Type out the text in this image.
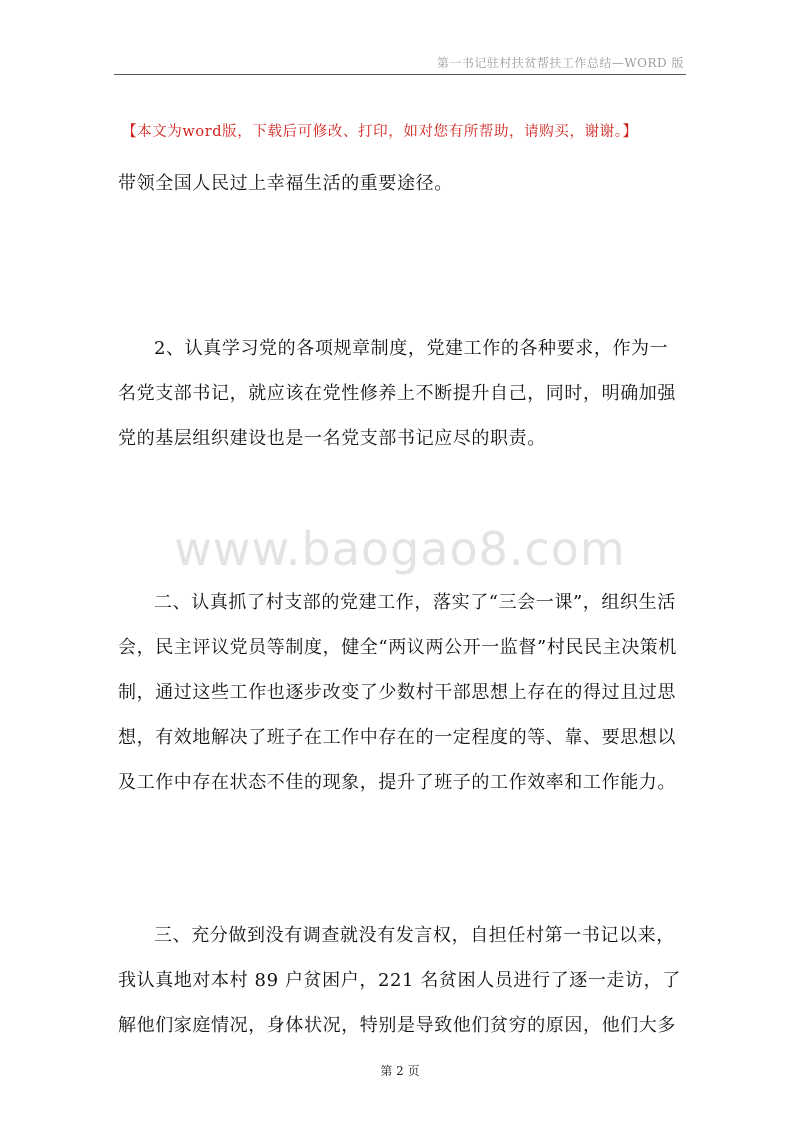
第一书记驻村扶贫帮扶工作总结—WORD 版
【本文为word版，下载后可修改、打印，如对您有所帮助，请购买，谢谢。】

带领全国人民过上幸福生活的重要途径。

2、认真学习党的各项规章制度，党建工作的各种要求，作为一名党支部书记，就应该在党性修养上不断提升自己，同时，明确加强党的基层组织建设也是一名党支部书记应尽的职责。

www.baogao8.com

二、认真抓了村支部的党建工作，落实了“三会一课”，组织生活会，民主评议党员等制度，健全“两议两公开一监督”村民民主决策机制，通过这些工作也逐步改变了少数村干部思想上存在的得过且过思想，有效地解决了班子在工作中存在的一定程度的等、靠、要思想以及工作中存在状态不佳的现象，提升了班子的工作效率和工作能力。

三、充分做到没有调查就没有发言权，自担任村第一书记以来，我认真地对本村 89 户贫困户，221 名贫困人员进行了逐一走访，了解他们家庭情况，身体状况，特别是导致他们贫穷的原因，他们大多

第 2 页
